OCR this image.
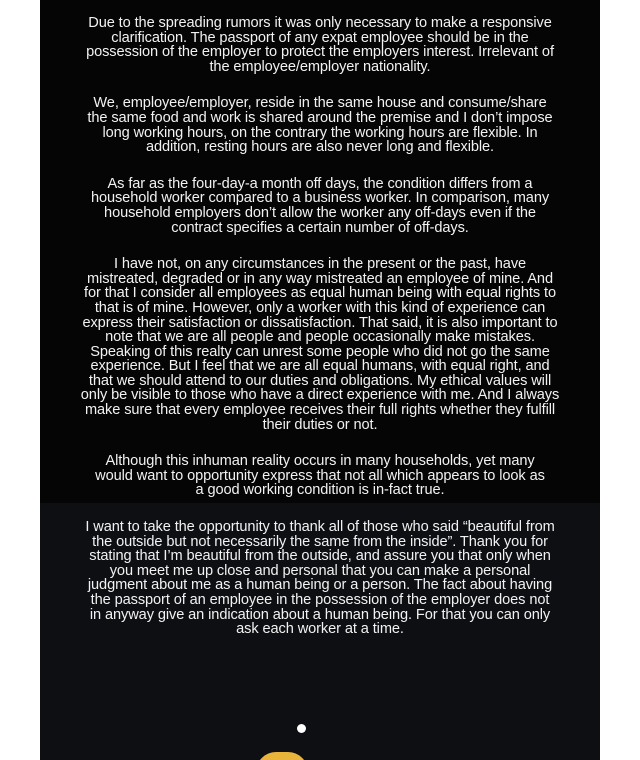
Due to the spreading rumors it was only necessary to make a responsive clarification. The passport of any expat employee should be in the possession of the employer to protect the employers interest. Irrelevant of the employee/employer nationality.

We, employee/employer, reside in the same house and consume/share the same food and work is shared around the premise and I don’t impose long working hours, on the contrary the working hours are flexible. In addition, resting hours are also never long and flexible.

As far as the four-day-a month off days, the condition differs from a household worker compared to a business worker. In comparison, many household employers don’t allow the worker any off-days even if the contract specifies a certain number of off-days.

I have not, on any circumstances in the present or the past, have mistreated, degraded or in any way mistreated an employee of mine. And for that I consider all employees as equal human being with equal rights to that is of mine. However, only a worker with this kind of experience can express their satisfaction or dissatisfaction. That said, it is also important to note that we are all people and people occasionally make mistakes. Speaking of this realty can unrest some people who did not go the same experience. But I feel that we are all equal humans, with equal right, and that we should attend to our duties and obligations. My ethical values will only be visible to those who have a direct experience with me. And I always make sure that every employee receives their full rights whether they fulfill their duties or not.

Although this inhuman reality occurs in many households, yet many would want to opportunity express that not all which appears to look as a good working condition is in-fact true.

I want to take the opportunity to thank all of those who said “beautiful from the outside but not necessarily the same from the inside”. Thank you for stating that I’m beautiful from the outside, and assure you that only when you meet me up close and personal that you can make a personal judgment about me as a human being or a person. The fact about having the passport of an employee in the possession of the employer does not in anyway give an indication about a human being. For that you can only ask each worker at a time.
